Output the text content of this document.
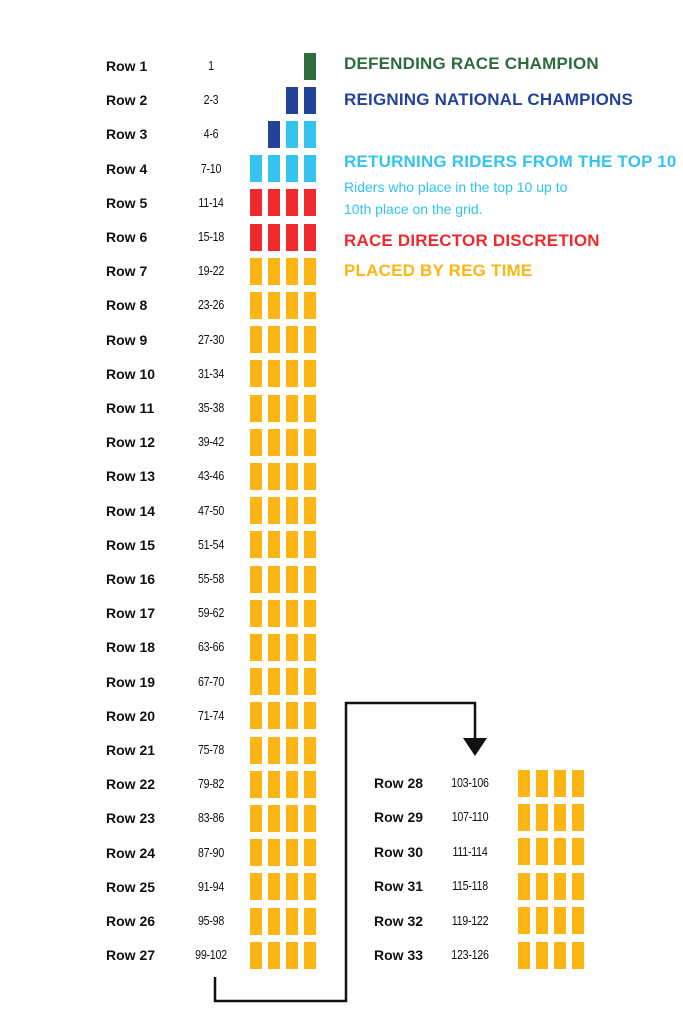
Row 1	1
Row 2	2-3
Row 3	4-6
Row 4	7-10
Row 5	11-14
Row 6	15-18
Row 7	19-22
Row 8	23-26
Row 9	27-30
Row 10	31-34
Row 11	35-38
Row 12	39-42
Row 13	43-46
Row 14	47-50
Row 15	51-54
Row 16	55-58
Row 17	59-62
Row 18	63-66
Row 19	67-70
Row 20	71-74
Row 21	75-78
Row 22	79-82
Row 23	83-86
Row 24	87-90
Row 25	91-94
Row 26	95-98
Row 27	99-102
Row 28 103-106
Row 29 107-110
Row 30 111-114
Row 31 115-118
Row 32 119-122
Row 33 123-126
DEFENDING RACE CHAMPION
REIGNING NATIONAL CHAMPIONS
RETURNING RIDERS FROM THE TOP 10
Riders who place in the top 10 up to
10th place on the grid.
RACE DIRECTOR DISCRETION
PLACED BY REG TIME
